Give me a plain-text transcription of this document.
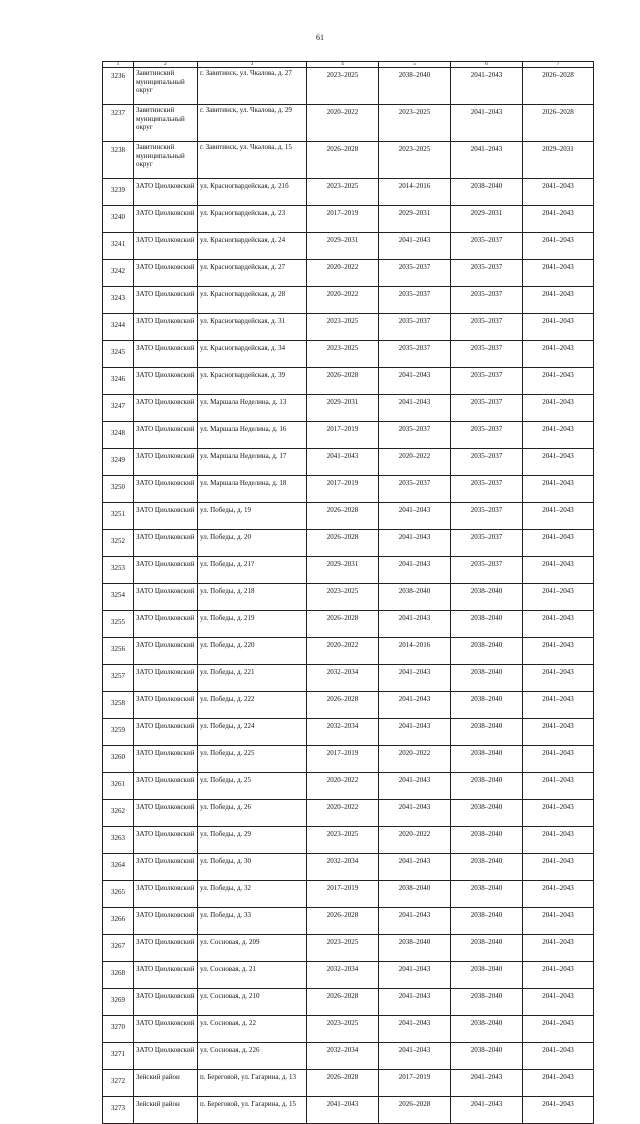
61
1	2	3	4	5	6	7
3236	Завитинский муниципальный округ	г. Завитинск, ул. Чкалова, д. 27	2023–2025	2038–2040	2041–2043	2026–2028
3237	Завитинский муниципальный округ	г. Завитинск, ул. Чкалова, д. 29	2020–2022	2023–2025	2041–2043	2026–2028
3238	Завитинский муниципальный округ	г. Завитинск, ул. Чкалова, д. 15	2026–2028	2023–2025	2041–2043	2029–2031
3239	ЗАТО Циолковский	ул. Красногвардейская, д. 21б	2023–2025	2014–2016	2038–2040	2041–2043
3240	ЗАТО Циолковский	ул. Красногвардейская, д. 23	2017–2019	2029–2031	2029–2031	2041–2043
3241	ЗАТО Циолковский	ул. Красногвардейская, д. 24	2029–2031	2041–2043	2035–2037	2041–2043
3242	ЗАТО Циолковский	ул. Красногвардейская, д. 27	2020–2022	2035–2037	2035–2037	2041–2043
3243	ЗАТО Циолковский	ул. Красногвардейская, д. 28	2020–2022	2035–2037	2035–2037	2041–2043
3244	ЗАТО Циолковский	ул. Красногвардейская, д. 31	2023–2025	2035–2037	2035–2037	2041–2043
3245	ЗАТО Циолковский	ул. Красногвардейская, д. 34	2023–2025	2035–2037	2035–2037	2041–2043
3246	ЗАТО Циолковский	ул. Красногвардейская, д. 39	2026–2028	2041–2043	2035–2037	2041–2043
3247	ЗАТО Циолковский	ул. Маршала Неделина, д. 13	2029–2031	2041–2043	2035–2037	2041–2043
3248	ЗАТО Циолковский	ул. Маршала Неделина, д. 16	2017–2019	2035–2037	2035–2037	2041–2043
3249	ЗАТО Циолковский	ул. Маршала Неделина, д. 17	2041–2043	2020–2022	2035–2037	2041–2043
3250	ЗАТО Циолковский	ул. Маршала Неделина, д. 18	2017–2019	2035–2037	2035–2037	2041–2043
3251	ЗАТО Циолковский	ул. Победы, д. 19	2026–2028	2041–2043	2035–2037	2041–2043
3252	ЗАТО Циолковский	ул. Победы, д. 20	2026–2028	2041–2043	2035–2037	2041–2043
3253	ЗАТО Циолковский	ул. Победы, д. 21?	2029–2031	2041–2043	2035–2037	2041–2043
3254	ЗАТО Циолковский	ул. Победы, д. 218	2023–2025	2038–2040	2038–2040	2041–2043
3255	ЗАТО Циолковский	ул. Победы, д. 219	2026–2028	2041–2043	2038–2040	2041–2043
3256	ЗАТО Циолковский	ул. Победы, д. 220	2020–2022	2014–2016	2038–2040	2041–2043
3257	ЗАТО Циолковский	ул. Победы, д. 221	2032–2034	2041–2043	2038–2040	2041–2043
3258	ЗАТО Циолковский	ул. Победы, д. 222	2026–2028	2041–2043	2038–2040	2041–2043
3259	ЗАТО Циолковский	ул. Победы, д. 224	2032–2034	2041–2043	2038–2040	2041–2043
3260	ЗАТО Циолковский	ул. Победы, д. 225	2017–2019	2020–2022	2038–2040	2041–2043
3261	ЗАТО Циолковский	ул. Победы, д. 25	2020–2022	2041–2043	2038–2040	2041–2043
3262	ЗАТО Циолковский	ул. Победы, д. 26	2020–2022	2041–2043	2038–2040	2041–2043
3263	ЗАТО Циолковский	ул. Победы, д. 29	2023–2025	2020–2022	2038–2040	2041–2043
3264	ЗАТО Циолковский	ул. Победы, д. 30	2032–2034	2041–2043	2038–2040	2041–2043
3265	ЗАТО Циолковский	ул. Победы, д. 32	2017–2019	2038–2040	2038–2040	2041–2043
3266	ЗАТО Циолковский	ул. Победы, д. 33	2026–2028	2041–2043	2038–2040	2041–2043
3267	ЗАТО Циолковский	ул. Сосновая, д. 209	2023–2025	2038–2040	2038–2040	2041–2043
3268	ЗАТО Циолковский	ул. Сосновая, д. 21	2032–2034	2041–2043	2038–2040	2041–2043
3269	ЗАТО Циолковский	ул. Сосновая, д. 210	2026–2028	2041–2043	2038–2040	2041–2043
3270	ЗАТО Циолковский	ул. Сосновая, д. 22	2023–2025	2041–2043	2038–2040	2041–2043
3271	ЗАТО Циолковский	ул. Сосновая, д. 226	2032–2034	2041–2043	2038–2040	2041–2043
3272	Зейский район	п. Береговой, ул. Гагарина, д. 13	2026–2028	2017–2019	2041–2043	2041–2043
3273	Зейский район	п. Береговой, ул. Гагарина, д. 15	2041–2043	2026–2028	2041–2043	2041–2043
